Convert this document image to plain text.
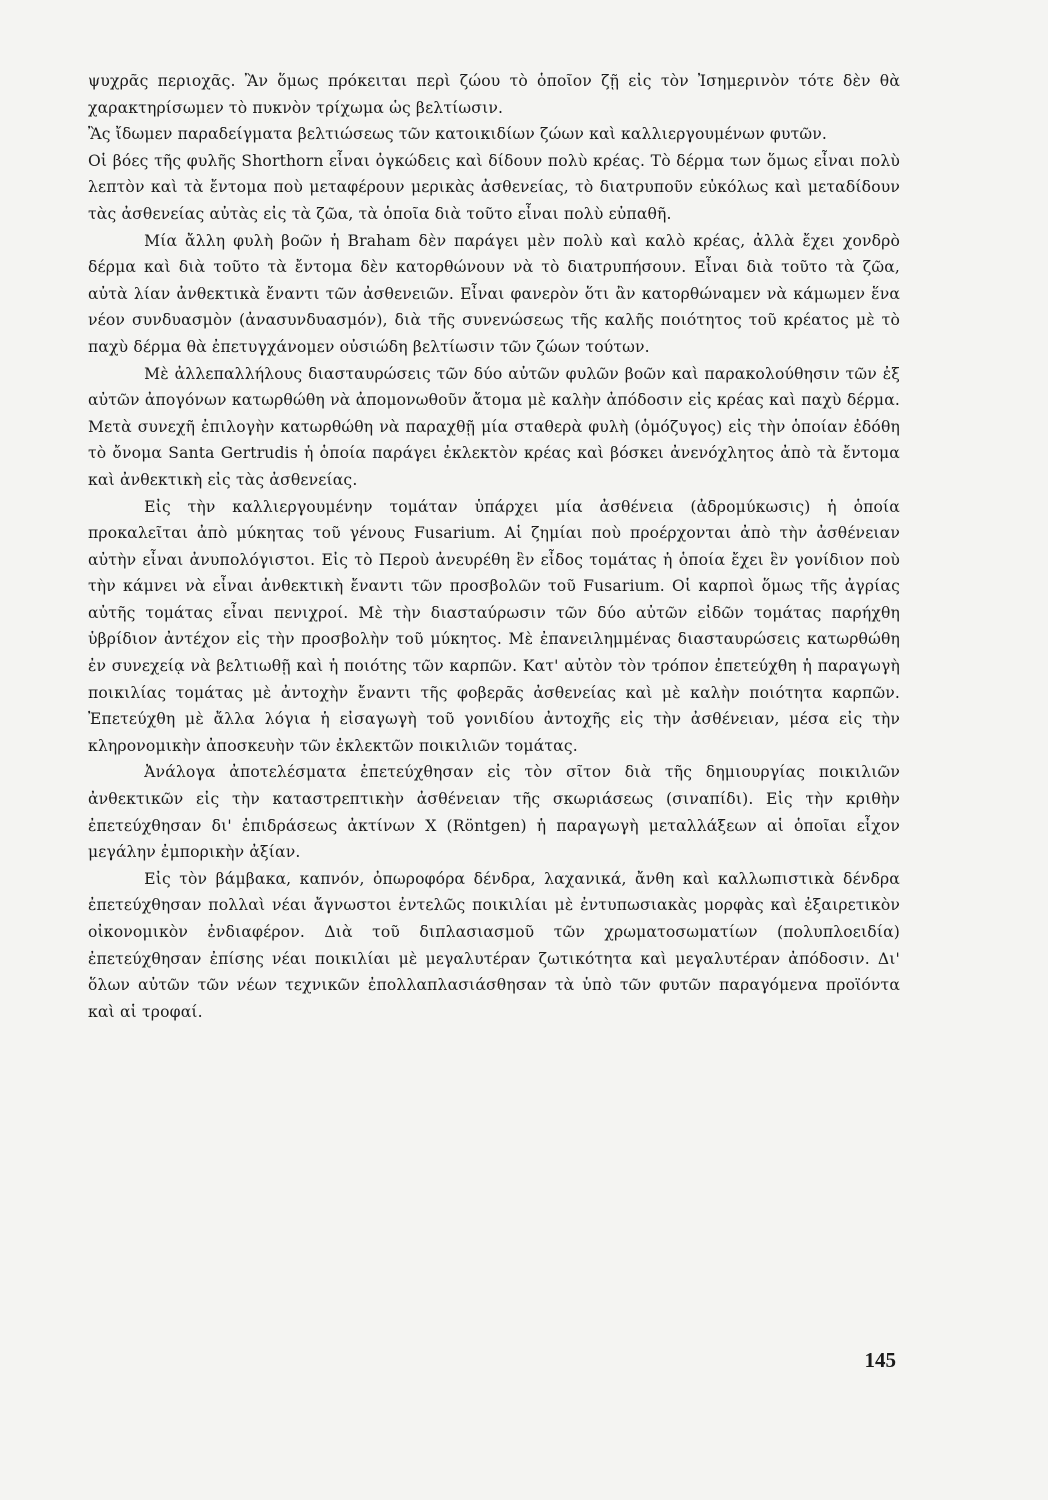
ψυχρᾶς περιοχᾶς. Ἂν ὅμως πρόκειται περὶ ζώου τὸ ὁποῖον ζῇ εἰς τὸν Ἰσημερινὸν τότε δὲν θὰ χαρακτηρίσωμεν τὸ πυκνὸν τρίχωμα ὡς βελτίωσιν.

Ἂς ἴδωμεν παραδείγματα βελτιώσεως τῶν κατοικιδίων ζώων καὶ καλλιεργουμένων φυτῶν.

Οἱ βόες τῆς φυλῆς Shorthorn εἶναι ὀγκώδεις καὶ δίδουν πολὺ κρέας. Τὸ δέρμα των ὅμως εἶναι πολὺ λεπτὸν καὶ τὰ ἔντομα ποὺ μεταφέρουν μερικὰς ἀσθενείας, τὸ διατρυποῦν εὐκόλως καὶ μεταδίδουν τὰς ἀσθενείας αὐτὰς εἰς τὰ ζῶα, τὰ ὁποῖα διὰ τοῦτο εἶναι πολὺ εὐπαθῆ.

Μία ἄλλη φυλὴ βοῶν ἡ Braham δὲν παράγει μὲν πολὺ καὶ καλὸ κρέας, ἀλλὰ ἔχει χονδρὸ δέρμα καὶ διὰ τοῦτο τὰ ἔντομα δὲν κατορθώνουν νὰ τὸ διατρυπήσουν. Εἶναι διὰ τοῦτο τὰ ζῶα, αὐτὰ λίαν ἀνθεκτικὰ ἔναντι τῶν ἀσθενειῶν. Εἶναι φανερὸν ὅτι ἂν κατορθώναμεν νὰ κάμωμεν ἕνα νέον συνδυασμὸν (ἀνασυνδυασμόν), διὰ τῆς συνενώσεως τῆς καλῆς ποιότητος τοῦ κρέατος μὲ τὸ παχὺ δέρμα θὰ ἐπετυγχάνομεν οὐσιώδη βελτίωσιν τῶν ζώων τούτων.

Μὲ ἀλλεπαλλήλους διασταυρώσεις τῶν δύο αὐτῶν φυλῶν βοῶν καὶ παρακολούθησιν τῶν ἐξ αὐτῶν ἀπογόνων κατωρθώθη νὰ ἀπομονωθοῦν ἄτομα μὲ καλὴν ἀπόδοσιν εἰς κρέας καὶ παχὺ δέρμα. Μετὰ συνεχῆ ἐπιλογὴν κατωρθώθη νὰ παραχθῇ μία σταθερὰ φυλὴ (ὁμόζυγος) εἰς τὴν ὁποίαν ἐδόθη τὸ ὄνομα Santa Gertrudis ἡ ὁποία παράγει ἐκλεκτὸν κρέας καὶ βόσκει ἀνενόχλητος ἀπὸ τὰ ἔντομα καὶ ἀνθεκτικὴ εἰς τὰς ἀσθενείας.

Εἰς τὴν καλλιεργουμένην τομάταν ὑπάρχει μία ἀσθένεια (ἀδρομύκωσις) ἡ ὁποία προκαλεῖται ἀπὸ μύκητας τοῦ γένους Fusarium. Αἱ ζημίαι ποὺ προέρχονται ἀπὸ τὴν ἀσθένειαν αὐτὴν εἶναι ἀνυπολόγιστοι. Εἰς τὸ Περοὺ ἀνευρέθη ἓν εἶδος τομάτας ἡ ὁποία ἔχει ἓν γονίδιον ποὺ τὴν κάμνει νὰ εἶναι ἀνθεκτικὴ ἔναντι τῶν προσβολῶν τοῦ Fusarium. Οἱ καρποὶ ὅμως τῆς ἀγρίας αὐτῆς τομάτας εἶναι πενιχροί. Μὲ τὴν διασταύρωσιν τῶν δύο αὐτῶν εἰδῶν τομάτας παρήχθη ὑβρίδιον ἀντέχον εἰς τὴν προσβολὴν τοῦ μύκητος. Μὲ ἐπανειλημμένας διασταυρώσεις κατωρθώθη ἐν συνεχείᾳ νὰ βελτιωθῇ καὶ ἡ ποιότης τῶν καρπῶν. Κατ' αὐτὸν τὸν τρόπον ἐπετεύχθη ἡ παραγωγὴ ποικιλίας τομάτας μὲ ἀντοχὴν ἔναντι τῆς φοβερᾶς ἀσθενείας καὶ μὲ καλὴν ποιότητα καρπῶν. Ἐπετεύχθη μὲ ἄλλα λόγια ἡ εἰσαγωγὴ τοῦ γονιδίου ἀντοχῆς εἰς τὴν ἀσθένειαν, μέσα εἰς τὴν κληρονομικὴν ἀποσκευὴν τῶν ἐκλεκτῶν ποικιλιῶν τομάτας.

Ἀνάλογα ἀποτελέσματα ἐπετεύχθησαν εἰς τὸν σῖτον διὰ τῆς δημιουργίας ποικιλιῶν ἀνθεκτικῶν εἰς τὴν καταστρεπτικὴν ἀσθένειαν τῆς σκωριάσεως (σιναπίδι). Εἰς τὴν κριθὴν ἐπετεύχθησαν δι' ἐπιδράσεως ἀκτίνων Χ (Röntgen) ἡ παραγωγὴ μεταλλάξεων αἱ ὁποῖαι εἶχον μεγάλην ἐμπορικὴν ἀξίαν.

Εἰς τὸν βάμβακα, καπνόν, ὀπωροφόρα δένδρα, λαχανικά, ἄνθη καὶ καλλωπιστικὰ δένδρα ἐπετεύχθησαν πολλαὶ νέαι ἄγνωστοι ἐντελῶς ποικιλίαι μὲ ἐντυπωσιακὰς μορφὰς καὶ ἐξαιρετικὸν οἰκονομικὸν ἐνδιαφέρον. Διὰ τοῦ διπλασιασμοῦ τῶν χρωματοσωματίων (πολυπλοειδία) ἐπετεύχθησαν ἐπίσης νέαι ποικιλίαι μὲ μεγαλυτέραν ζωτικότητα καὶ μεγαλυτέραν ἀπόδοσιν. Δι' ὅλων αὐτῶν τῶν νέων τεχνικῶν ἐπολλαπλασιάσθησαν τὰ ὑπὸ τῶν φυτῶν παραγόμενα προϊόντα καὶ αἱ τροφαί.

145
